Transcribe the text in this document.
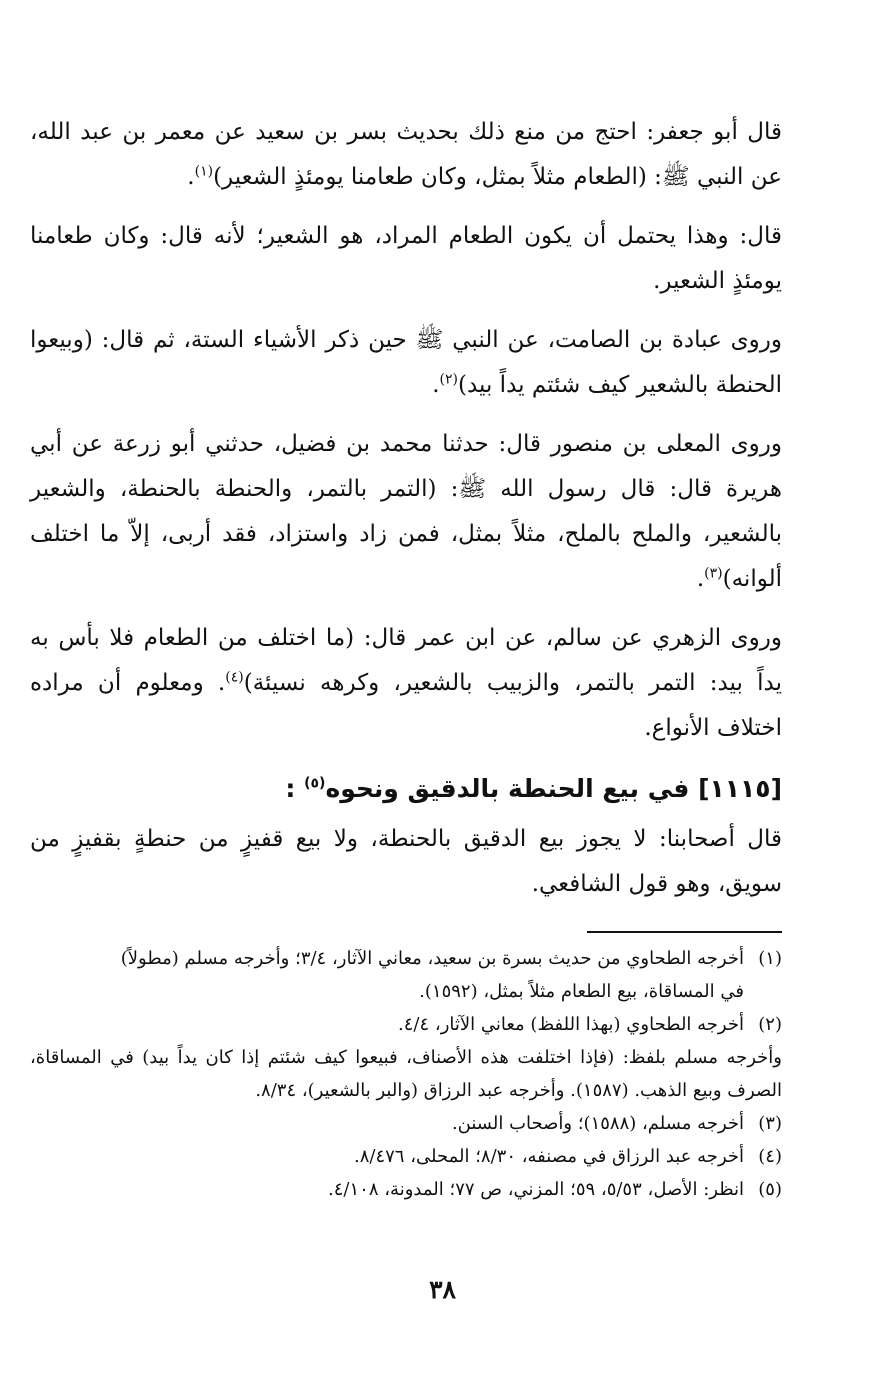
قال أبو جعفر: احتج من منع ذلك بحديث بسر بن سعيد عن معمر بن عبد الله، عن النبي ﷺ: (الطعام مثلاً بمثل، وكان طعامنا يومئذٍ الشعير)$^{(١)}$.

قال: وهذا يحتمل أن يكون الطعام المراد، هو الشعير؛ لأنه قال: وكان طعامنا يومئذٍ الشعير.

وروى عبادة بن الصامت، عن النبي ﷺ حين ذكر الأشياء الستة، ثم قال: (وبيعوا الحنطة بالشعير كيف شئتم يداً بيد)$^{(٢)}$.

وروى المعلى بن منصور قال: حدثنا محمد بن فضيل، حدثني أبو زرعة عن أبي هريرة قال: قال رسول الله ﷺ: (التمر بالتمر، والحنطة بالحنطة، والشعير بالشعير، والملح بالملح، مثلاً بمثل، فمن زاد واستزاد، فقد أربى، إلاّ ما اختلف ألوانه)$^{(٣)}$.

وروى الزهري عن سالم، عن ابن عمر قال: (ما اختلف من الطعام فلا بأس به يداً بيد: التمر بالتمر، والزبيب بالشعير، وكرهه نسيئة)$^{(٤)}$. ومعلوم أن مراده اختلاف الأنواع.

[١١١٥] في بيع الحنطة بالدقيق ونحوه$^{(٥)}$ :

قال أصحابنا: لا يجوز بيع الدقيق بالحنطة، ولا بيع قفيزٍ من حنطةٍ بقفيزٍ من سويق، وهو قول الشافعي.

(١)أخرجه الطحاوي من حديث بسرة بن سعيد، معاني الآثار، ٣/٤؛ وأخرجه مسلم (مطولاً)

في المساقاة، بيع الطعام مثلاً بمثل، (١٥٩٢).

(٢)أخرجه الطحاوي (بهذا اللفظ) معاني الآثار، ٤/٤.

وأخرجه مسلم بلفظ: (فإذا اختلفت هذه الأصناف، فبيعوا كيف شئتم إذا كان يداً بيد) في المساقاة، الصرف وبيع الذهب. (١٥٨٧). وأخرجه عبد الرزاق (والبر بالشعير)، ٨/٣٤.

(٣)أخرجه مسلم، (١٥٨٨)؛ وأصحاب السنن.

(٤)أخرجه عبد الرزاق في مصنفه، ٨/٣٠؛ المحلى، ٨/٤٧٦.

(٥)انظر: الأصل، ٥/٥٣، ٥٩؛ المزني، ص ٧٧؛ المدونة، ٤/١٠٨.

٣٨
